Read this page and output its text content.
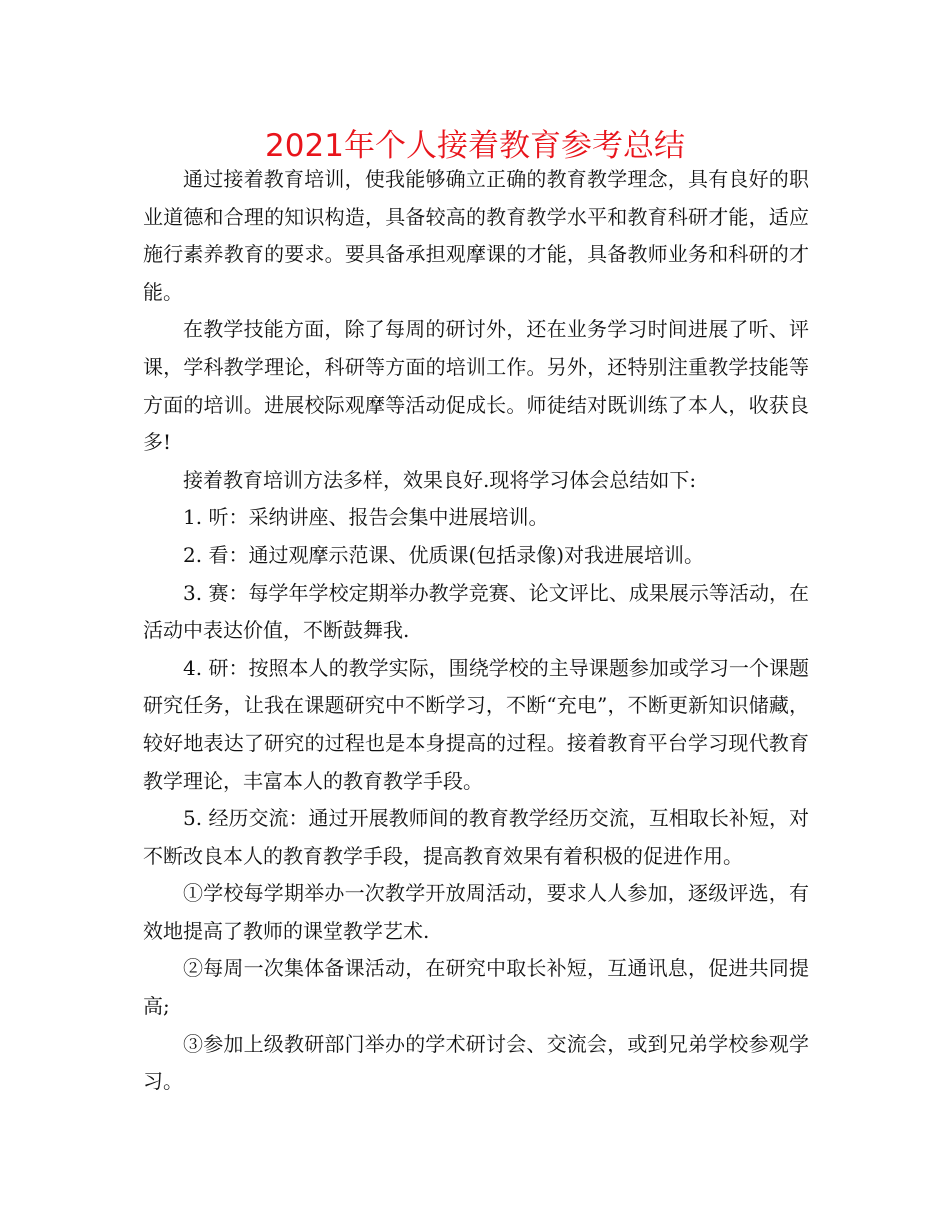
2021年个人接着教育参考总结

通过接着教育培训，使我能够确立正确的教育教学理念，具有良好的职业道德和合理的知识构造，具备较高的教育教学水平和教育科研才能，适应施行素养教育的要求。要具备承担观摩课的才能，具备教师业务和科研的才能。

在教学技能方面，除了每周的研讨外，还在业务学习时间进展了听、评课，学科教学理论，科研等方面的培训工作。另外，还特别注重教学技能等方面的培训。进展校际观摩等活动促成长。师徒结对既训练了本人，收获良多!

接着教育培训方法多样，效果良好.现将学习体会总结如下:

1. 听：采纳讲座、报告会集中进展培训。

2. 看：通过观摩示范课、优质课(包括录像)对我进展培训。

3. 赛：每学年学校定期举办教学竞赛、论文评比、成果展示等活动，在活动中表达价值，不断鼓舞我.

4. 研：按照本人的教学实际，围绕学校的主导课题参加或学习一个课题研究任务，让我在课题研究中不断学习，不断“充电”，不断更新知识储藏，较好地表达了研究的过程也是本身提高的过程。接着教育平台学习现代教育教学理论，丰富本人的教育教学手段。

5. 经历交流：通过开展教师间的教育教学经历交流，互相取长补短，对不断改良本人的教育教学手段，提高教育效果有着积极的促进作用。

①学校每学期举办一次教学开放周活动，要求人人参加，逐级评选，有效地提高了教师的课堂教学艺术.

②每周一次集体备课活动，在研究中取长补短，互通讯息，促进共同提高;

③参加上级教研部门举办的学术研讨会、交流会，或到兄弟学校参观学习。
